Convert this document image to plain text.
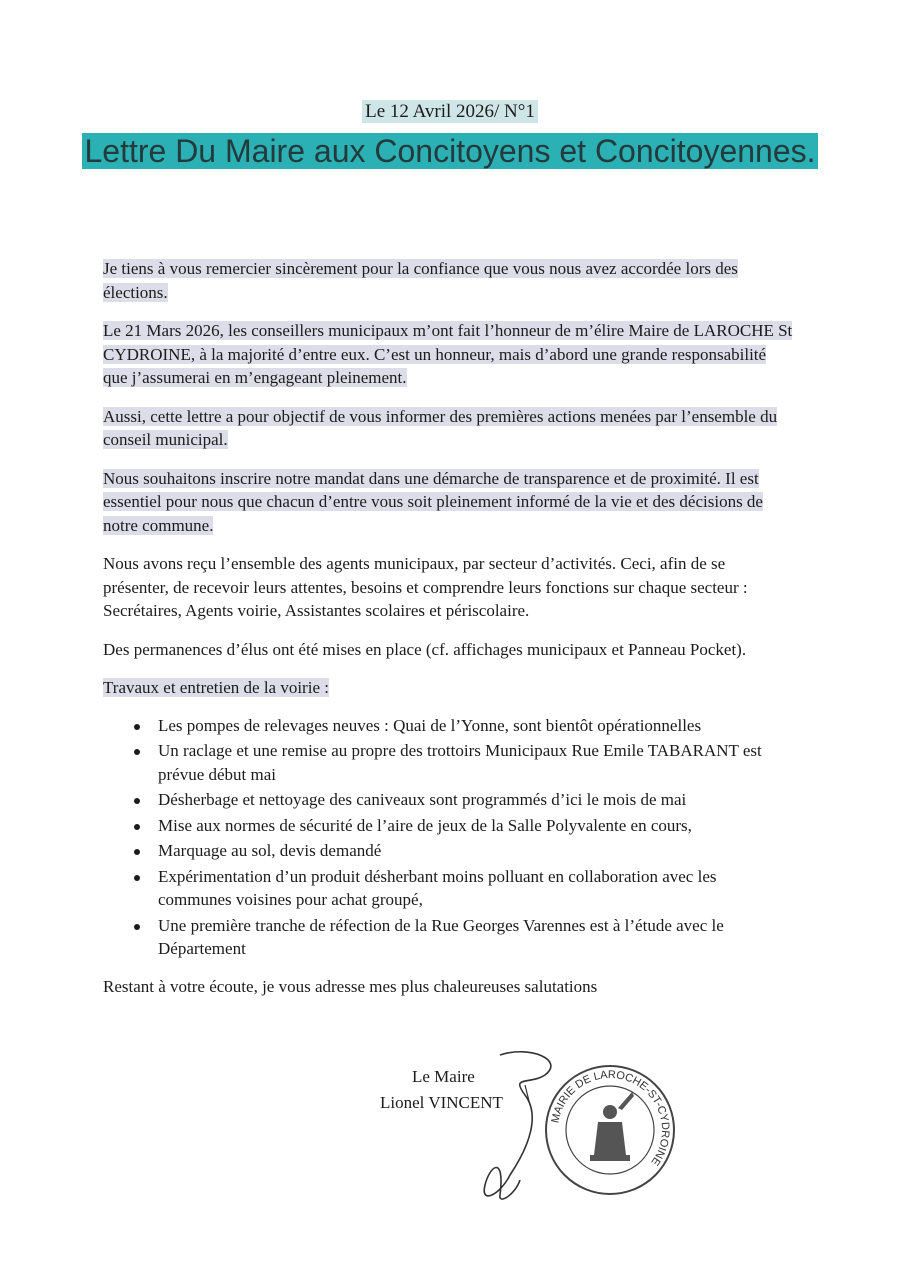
Le 12 Avril 2026/ N°1
Lettre Du Maire aux Concitoyens et Concitoyennes.

Je tiens à vous remercier sincèrement pour la confiance que vous nous avez accordée lors des élections.

Le 21 Mars 2026, les conseillers municipaux m’ont fait l’honneur de m’élire Maire de LAROCHE St CYDROINE, à la majorité d’entre eux. C’est un honneur, mais d’abord une grande responsabilité que j’assumerai en m’engageant pleinement.

Aussi, cette lettre a pour objectif de vous informer des premières actions menées par l’ensemble du conseil municipal.

Nous souhaitons inscrire notre mandat dans une démarche de transparence et de proximité. Il est essentiel pour nous que chacun d’entre vous soit pleinement informé de la vie et des décisions de notre commune.

Nous avons reçu l’ensemble des agents municipaux, par secteur d’activités. Ceci, afin de se présenter, de recevoir leurs attentes, besoins et comprendre leurs fonctions sur chaque secteur : Secrétaires, Agents voirie, Assistantes scolaires et périscolaire.

Des permanences d’élus ont été mises en place (cf. affichages municipaux et Panneau Pocket).

Travaux et entretien de la voirie :

Les pompes de relevages neuves : Quai de l’Yonne, sont bientôt opérationnelles
Un raclage et une remise au propre des trottoirs Municipaux Rue Emile TABARANT est prévue début mai
Désherbage et nettoyage des caniveaux sont programmés d’ici le mois de mai
Mise aux normes de sécurité de l’aire de jeux de la Salle Polyvalente en cours,
Marquage au sol, devis demandé
Expérimentation d’un produit désherbant moins polluant en collaboration avec les communes voisines pour achat groupé,
Une première tranche de réfection de la Rue Georges Varennes est à l’étude avec le Département

Restant à votre écoute, je vous adresse mes plus chaleureuses salutations

Le Maire
Lionel VINCENT
MAIRIE DE LAROCHE-ST-CYDROINE
